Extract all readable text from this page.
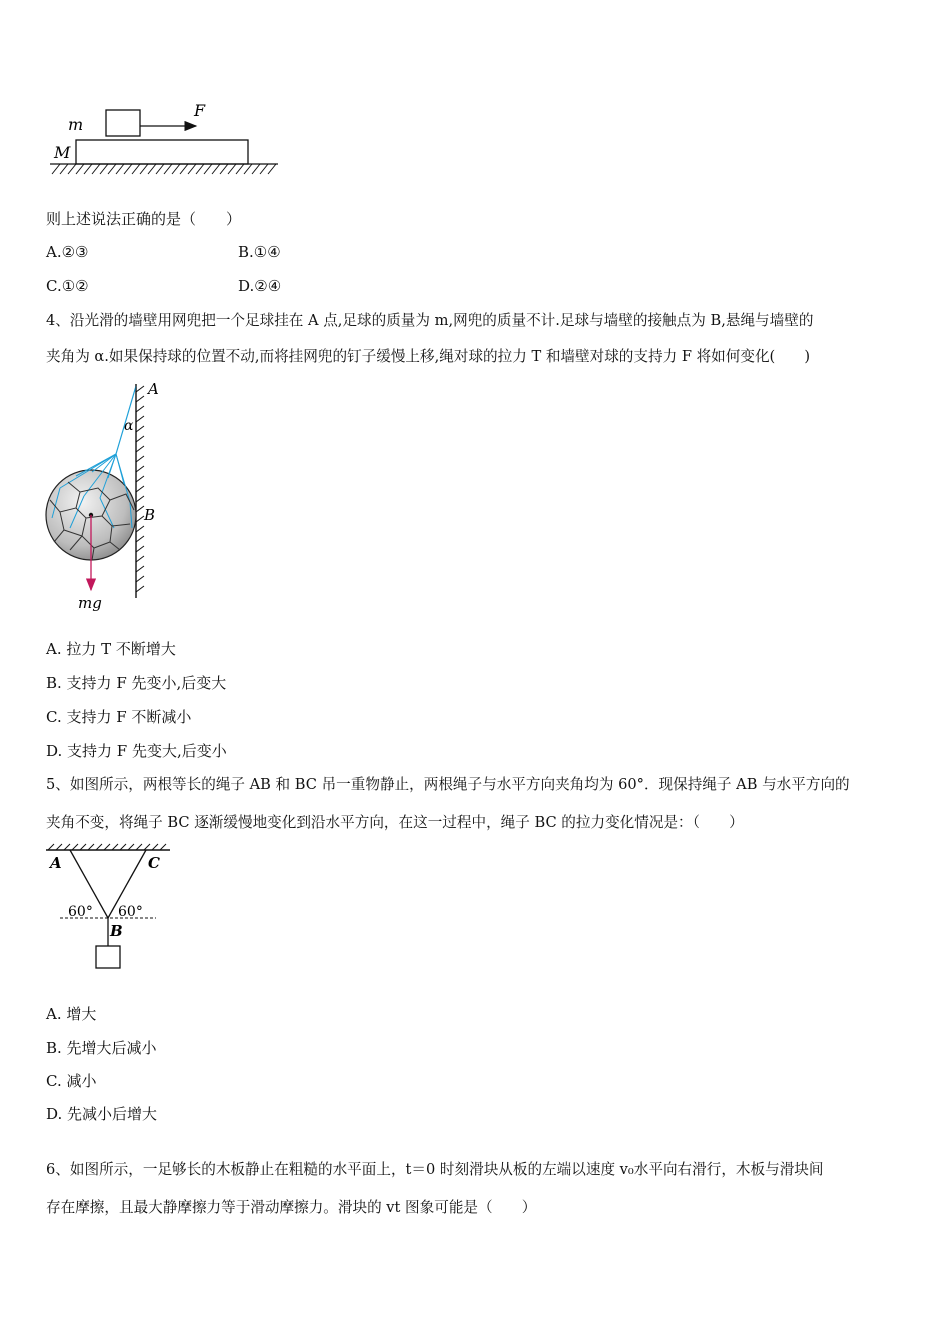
m
M
F
则上述说法正确的是（　　）
A.②③	B.①④
C.①②	D.②④
4、沿光滑的墙壁用网兜把一个足球挂在 A 点,足球的质量为 m,网兜的质量不计.足球与墙壁的接触点为 B,悬绳与墙壁的
夹角为 α.如果保持球的位置不动,而将挂网兜的钉子缓慢上移,绳对球的拉力 T 和墙壁对球的支持力 F 将如何变化(　　)
A
α
B
mg
A. 拉力 T 不断增大
B. 支持力 F 先变小,后变大
C. 支持力 F 不断减小
D. 支持力 F 先变大,后变小
5、如图所示，两根等长的绳子 AB 和 BC 吊一重物静止，两根绳子与水平方向夹角均为 60°．现保持绳子 AB 与水平方向的
夹角不变，将绳子 BC 逐渐缓慢地变化到沿水平方向，在这一过程中，绳子 BC 的拉力变化情况是：（　　）
A	C
B
60° 60°
A. 增大
B. 先增大后减小
C. 减小
D. 先减小后增大
6、如图所示，一足够长的木板静止在粗糙的水平面上，t＝0 时刻滑块从板的左端以速度 v₀水平向右滑行，木板与滑块间
存在摩擦，且最大静摩擦力等于滑动摩擦力。滑块的 vt 图象可能是（　　）
